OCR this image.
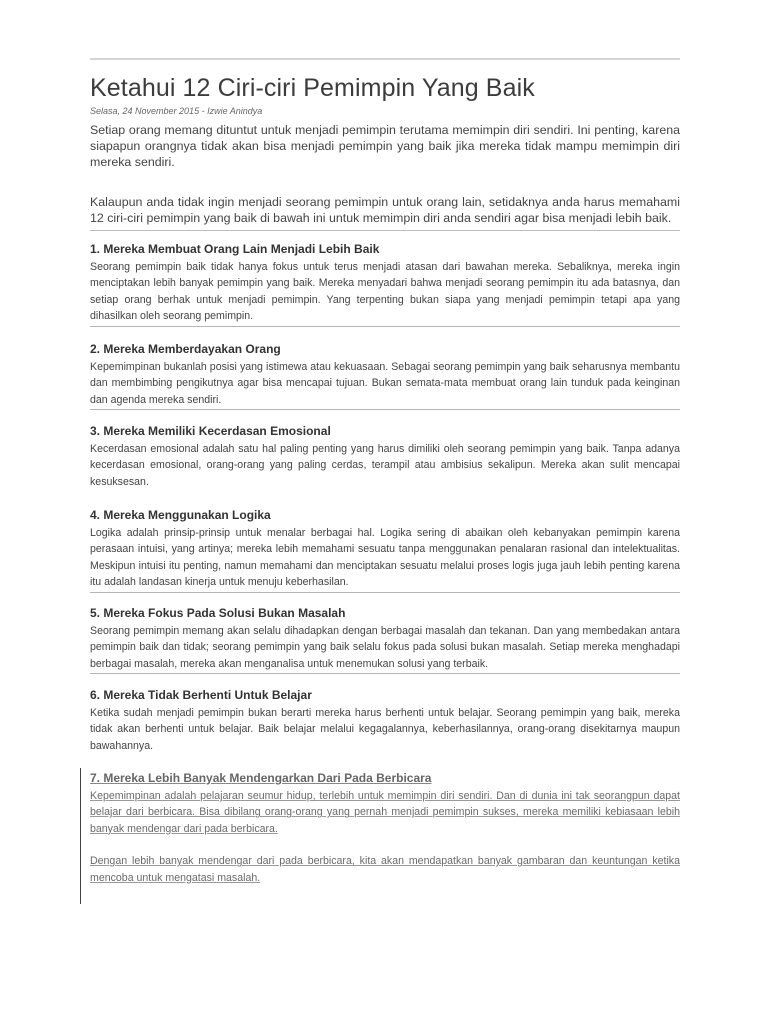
Ketahui 12 Ciri-ciri Pemimpin Yang Baik
Selasa, 24 November 2015 - Izwie Anindya

Setiap orang memang dituntut untuk menjadi pemimpin terutama memimpin diri sendiri. Ini penting, karena siapapun orangnya tidak akan bisa menjadi pemimpin yang baik jika mereka tidak mampu memimpin diri mereka sendiri.

Kalaupun anda tidak ingin menjadi seorang pemimpin untuk orang lain, setidaknya anda harus memahami 12 ciri-ciri pemimpin yang baik di bawah ini untuk memimpin diri anda sendiri agar bisa menjadi lebih baik.

1. Mereka Membuat Orang Lain Menjadi Lebih Baik

Seorang pemimpin baik tidak hanya fokus untuk terus menjadi atasan dari bawahan mereka. Sebaliknya, mereka ingin menciptakan lebih banyak pemimpin yang baik. Mereka menyadari bahwa menjadi seorang pemimpin itu ada batasnya, dan setiap orang berhak untuk menjadi pemimpin. Yang terpenting bukan siapa yang menjadi pemimpin tetapi apa yang dihasilkan oleh seorang pemimpin.

2. Mereka Memberdayakan Orang

Kepemimpinan bukanlah posisi yang istimewa atau kekuasaan. Sebagai seorang pemimpin yang baik seharusnya membantu dan membimbing pengikutnya agar bisa mencapai tujuan. Bukan semata-mata membuat orang lain tunduk pada keinginan dan agenda mereka sendiri.

3. Mereka Memiliki Kecerdasan Emosional

Kecerdasan emosional adalah satu hal paling penting yang harus dimiliki oleh seorang pemimpin yang baik. Tanpa adanya kecerdasan emosional, orang-orang yang paling cerdas, terampil atau ambisius sekalipun. Mereka akan sulit mencapai kesuksesan.

4. Mereka Menggunakan Logika

Logika adalah prinsip-prinsip untuk menalar berbagai hal. Logika sering di abaikan oleh kebanyakan pemimpin karena perasaan intuisi, yang artinya; mereka lebih memahami sesuatu tanpa menggunakan penalaran rasional dan intelektualitas. Meskipun intuisi itu penting, namun memahami dan menciptakan sesuatu melalui proses logis juga jauh lebih penting karena itu adalah landasan kinerja untuk menuju keberhasilan.

5. Mereka Fokus Pada Solusi Bukan Masalah

Seorang pemimpin memang akan selalu dihadapkan dengan berbagai masalah dan tekanan. Dan yang membedakan antara pemimpin baik dan tidak; seorang pemimpin yang baik selalu fokus pada solusi bukan masalah. Setiap mereka menghadapi berbagai masalah, mereka akan menganalisa untuk menemukan solusi yang terbaik.

6. Mereka Tidak Berhenti Untuk Belajar

Ketika sudah menjadi pemimpin bukan berarti mereka harus berhenti untuk belajar. Seorang pemimpin yang baik, mereka tidak akan berhenti untuk belajar. Baik belajar melalui kegagalannya, keberhasilannya, orang-orang disekitarnya maupun bawahannya.

7. Mereka Lebih Banyak Mendengarkan Dari Pada Berbicara

Kepemimpinan adalah pelajaran seumur hidup, terlebih untuk memimpin diri sendiri. Dan di dunia ini tak seorangpun dapat belajar dari berbicara. Bisa dibilang orang-orang yang pernah menjadi pemimpin sukses, mereka memiliki kebiasaan lebih banyak mendengar dari pada berbicara.

Dengan lebih banyak mendengar dari pada berbicara, kita akan mendapatkan banyak gambaran dan keuntungan ketika mencoba untuk mengatasi masalah.
